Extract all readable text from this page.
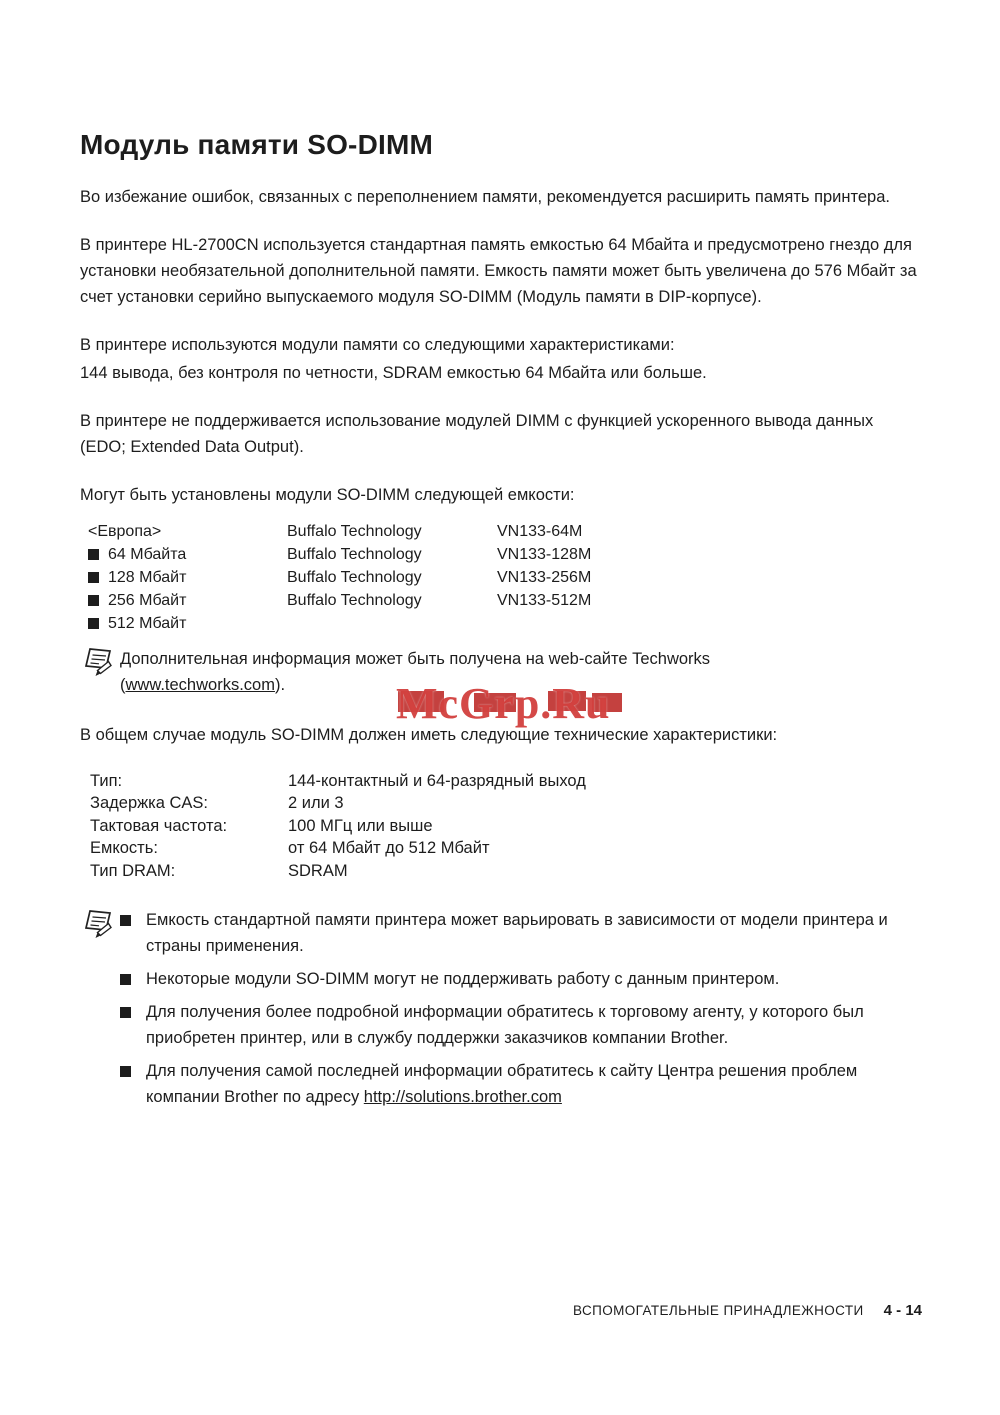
Модуль памяти SO-DIMM

Во избежание ошибок, связанных с переполнением памяти, рекомендуется расширить память принтера.

В принтере HL-2700CN используется стандартная память емкостью 64 Мбайта и предусмотрено гнездо для установки необязательной дополнительной памяти. Емкость памяти может быть увеличена до 576 Мбайт за счет установки серийно выпускаемого модуля SO-DIMM (Модуль памяти в DIP-корпусе).

В принтере используются модули памяти со следующими характеристиками:

144 вывода, без контроля по четности, SDRAM емкостью 64 Мбайта или больше.

В принтере не поддерживается использование модулей DIMM с функцией ускоренного вывода данных (EDO; Extended Data Output).

Могут быть установлены модули SO-DIMM следующей емкости:

<Европа>	Buffalo Technology	VN133-64M
64 Мбайта	Buffalo Technology	VN133-128M
128 Мбайт	Buffalo Technology	VN133-256M
256 Мбайт	Buffalo Technology	VN133-512M
512 Мбайт
Дополнительная информация может быть получена на web-сайте Techworks (www.techworks.com).

В общем случае модуль SO-DIMM должен иметь следующие технические характеристики:

Тип:	144-контактный и 64-разрядный выход
Задержка CAS:	2 или 3
Тактовая частота:	100 МГц или выше
Емкость:	от 64 Мбайт до 512 Мбайт
Тип DRAM:	SDRAM
Емкость стандартной памяти принтера может варьировать в зависимости от модели принтера и страны применения.
Некоторые модули SO-DIMM могут не поддерживать работу с данным принтером.
Для получения более подробной информации обратитесь к торговому агенту, у которого был приобретен принтер, или в службу поддержки заказчиков компании Brother.
Для получения самой последней информации обратитесь к сайту Центра решения проблем компании Brother по адресу http://solutions.brother.com
ВСПОМОГАТЕЛЬНЫЕ ПРИНАДЛЕЖНОСТИ 4 - 14
McGrp.Ru
